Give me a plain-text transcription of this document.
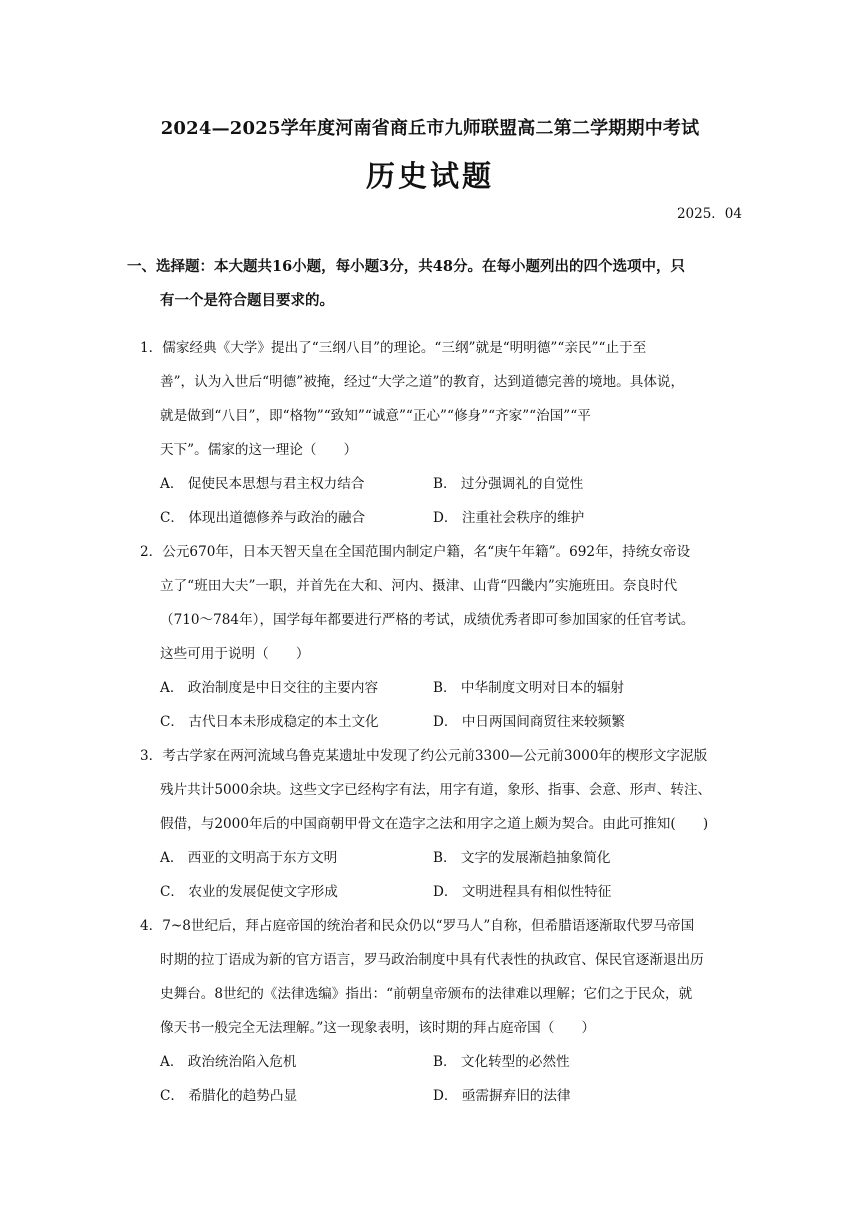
2024—2025学年度河南省商丘市九师联盟高二第二学期期中考试
历史试题
2025．04
一、选择题：本大题共16小题，每小题3分，共48分。在每小题列出的四个选项中，只
有一个是符合题目要求的。
1．儒家经典《大学》提出了“三纲八目”的理论。“三纲”就是“明明德”“亲民”“止于至
善”，认为入世后“明德”被掩，经过“大学之道”的教育，达到道德完善的境地。具体说，
就是做到“八目”，即“格物”“致知”“诚意”“正心”“修身”“齐家”“治国”“平
天下”。儒家的这一理论（　　）
A． 促使民本思想与君主权力结合	B． 过分强调礼的自觉性
C． 体现出道德修养与政治的融合	D． 注重社会秩序的维护
2．公元670年，日本天智天皇在全国范围内制定户籍，名“庚午年籍”。692年，持统女帝设
立了“班田大夫”一职，并首先在大和、河内、摄津、山背“四畿内”实施班田。奈良时代
（710～784年），国学每年都要进行严格的考试，成绩优秀者即可参加国家的任官考试。
这些可用于说明（　　）
A． 政治制度是中日交往的主要内容	B． 中华制度文明对日本的辐射
C． 古代日本未形成稳定的本土文化	D． 中日两国间商贸往来较频繁
3．考古学家在两河流域乌鲁克某遗址中发现了约公元前3300—公元前3000年的楔形文字泥版
残片共计5000余块。这些文字已经构字有法，用字有道，象形、指事、会意、形声、转注、
假借，与2000年后的中国商朝甲骨文在造字之法和用字之道上颇为契合。由此可推知(　　)
A． 西亚的文明高于东方文明	B． 文字的发展渐趋抽象简化
C． 农业的发展促使文字形成	D． 文明进程具有相似性特征
4．7~8世纪后，拜占庭帝国的统治者和民众仍以“罗马人”自称，但希腊语逐渐取代罗马帝国
时期的拉丁语成为新的官方语言，罗马政治制度中具有代表性的执政官、保民官逐渐退出历
史舞台。8世纪的《法律选编》指出：“前朝皇帝颁布的法律难以理解；它们之于民众，就
像天书一般完全无法理解。”这一现象表明，该时期的拜占庭帝国（　　）
A． 政治统治陷入危机	B． 文化转型的必然性
C． 希腊化的趋势凸显	D． 亟需摒弃旧的法律
